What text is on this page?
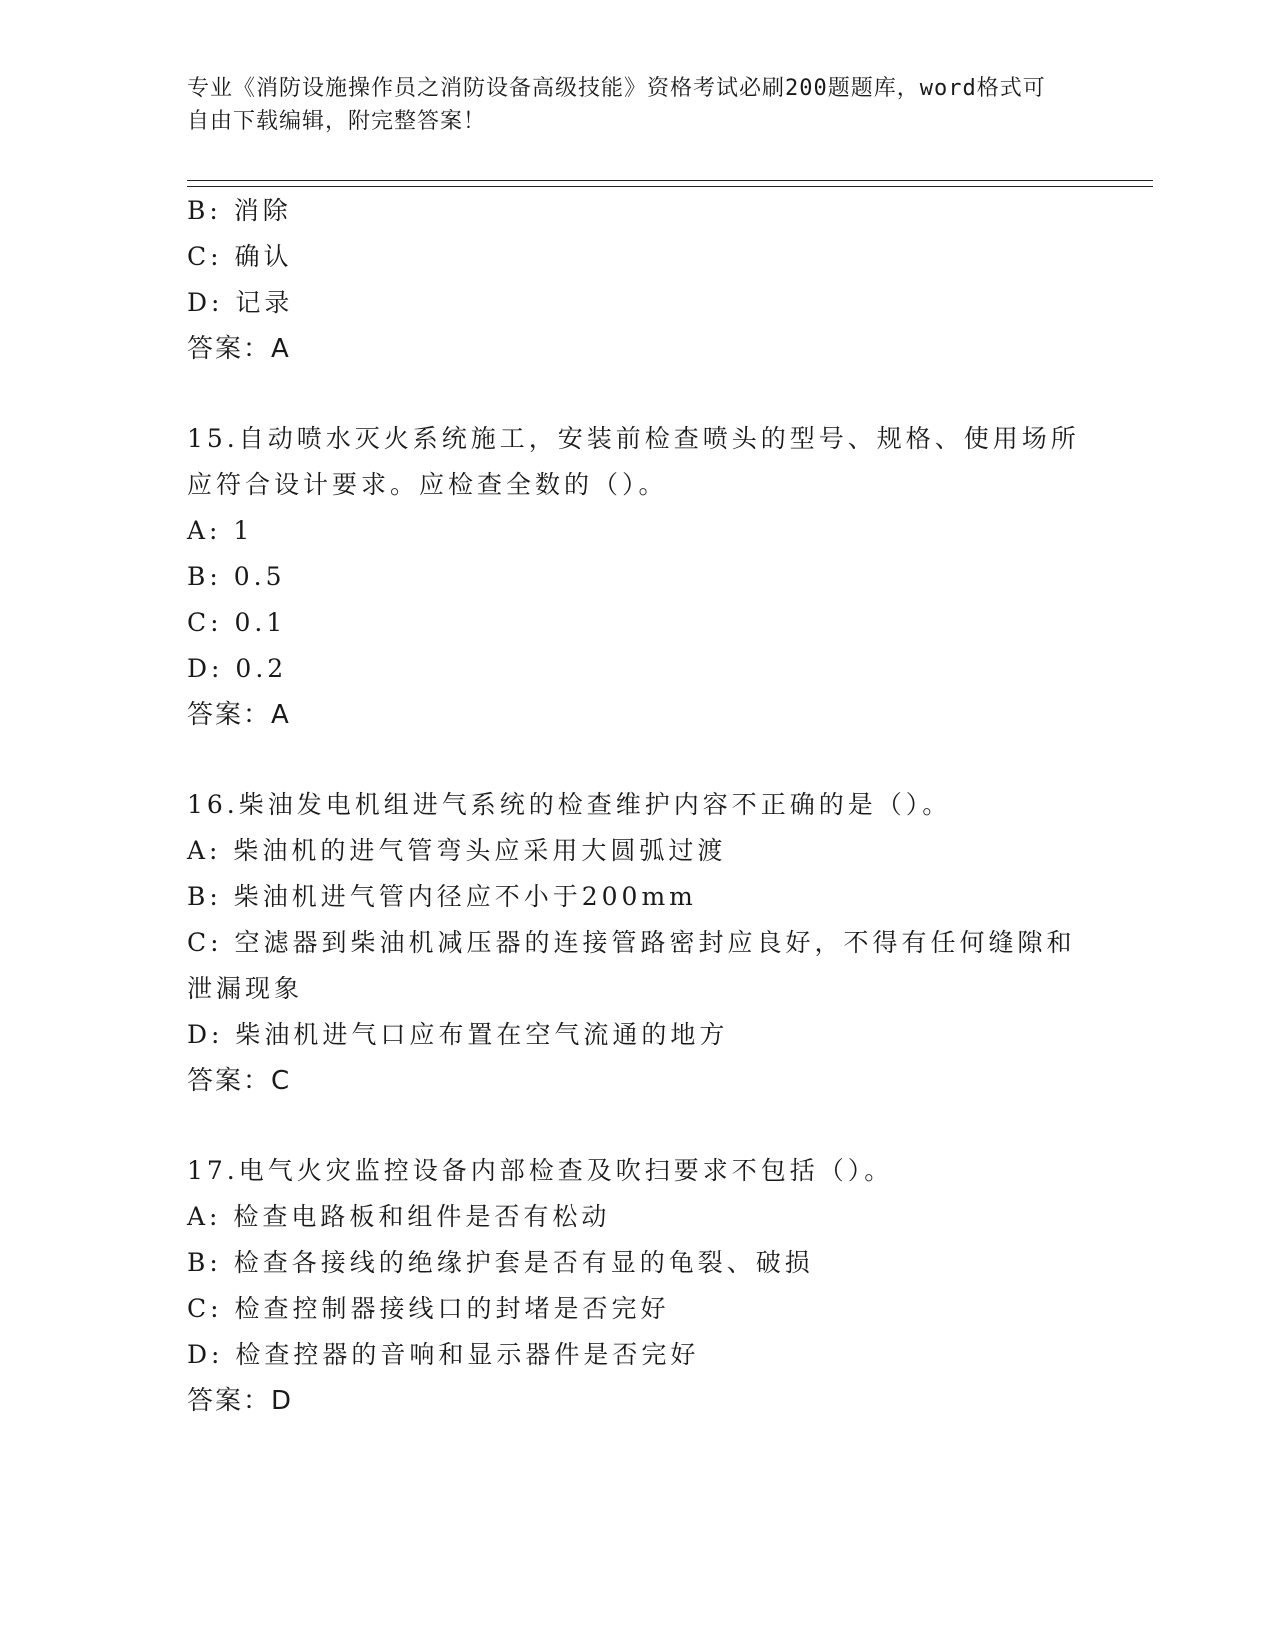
专业《消防设施操作员之消防设备高级技能》资格考试必刷200题题库，word格式可自由下载编辑，附完整答案！
B: 消除
C: 确认
D: 记录
答案：A
15.自动喷水灭火系统施工，安装前检查喷头的型号、规格、使用场所
应符合设计要求。应检查全数的（）。
A: 1
B: 0.5
C: 0.1
D: 0.2
答案：A
16.柴油发电机组进气系统的检查维护内容不正确的是（）。
A: 柴油机的进气管弯头应采用大圆弧过渡
B: 柴油机进气管内径应不小于200mm
C: 空滤器到柴油机减压器的连接管路密封应良好，不得有任何缝隙和
泄漏现象
D: 柴油机进气口应布置在空气流通的地方
答案：C
17.电气火灾监控设备内部检查及吹扫要求不包括（）。
A: 检查电路板和组件是否有松动
B: 检查各接线的绝缘护套是否有显的龟裂、破损
C: 检查控制器接线口的封堵是否完好
D: 检查控器的音响和显示器件是否完好
答案：D
